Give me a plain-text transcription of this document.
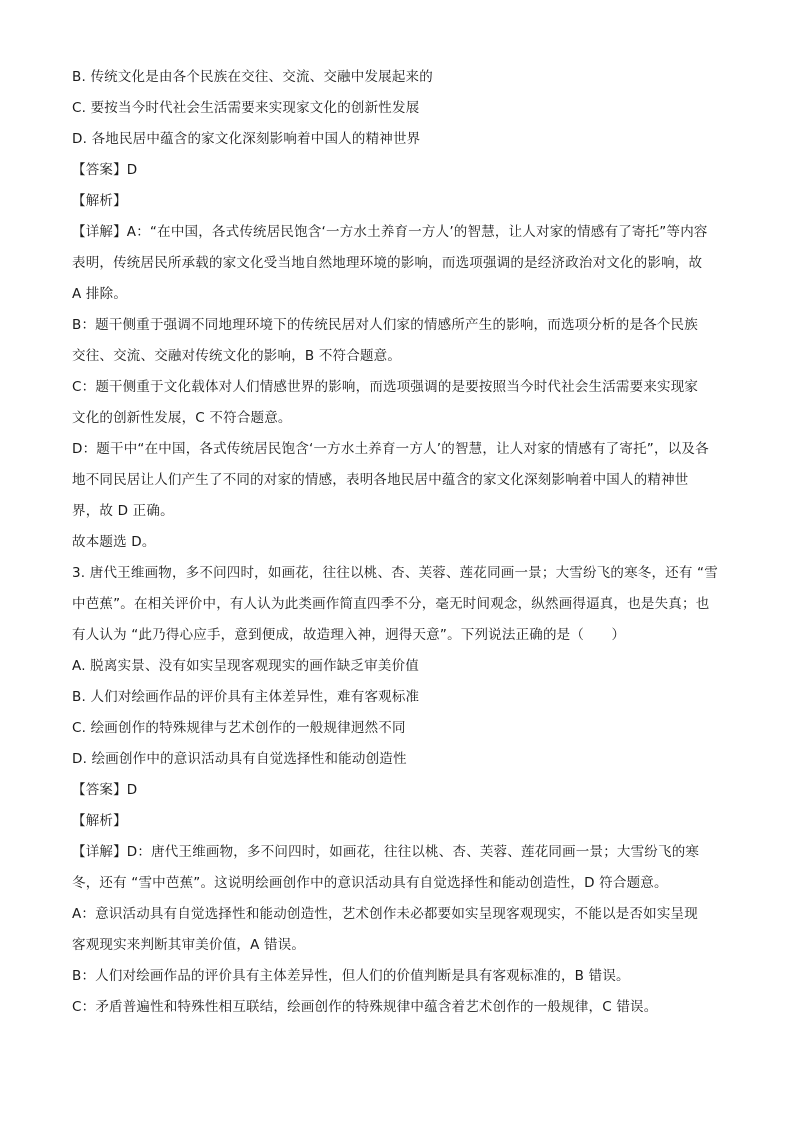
B. 传统文化是由各个民族在交往、交流、交融中发展起来的
C. 要按当今时代社会生活需要来实现家文化的创新性发展
D. 各地民居中蕴含的家文化深刻影响着中国人的精神世界
【答案】D
【解析】
【详解】A：“在中国，各式传统居民饱含‘一方水土养育一方人’的智慧，让人对家的情感有了寄托”等内容
表明，传统居民所承载的家文化受当地自然地理环境的影响，而选项强调的是经济政治对文化的影响，故
A 排除。
B：题干侧重于强调不同地理环境下的传统民居对人们家的情感所产生的影响，而选项分析的是各个民族
交往、交流、交融对传统文化的影响，B 不符合题意。
C：题干侧重于文化载体对人们情感世界的影响，而选项强调的是要按照当今时代社会生活需要来实现家
文化的创新性发展，C 不符合题意。
D：题干中“在中国，各式传统居民饱含‘一方水土养育一方人’的智慧，让人对家的情感有了寄托”，以及各
地不同民居让人们产生了不同的对家的情感，表明各地民居中蕴含的家文化深刻影响着中国人的精神世
界，故 D 正确。
故本题选 D。
3. 唐代王维画物，多不问四时，如画花，往往以桃、杏、芙蓉、莲花同画一景；大雪纷飞的寒冬，还有 “雪
中芭蕉”。在相关评价中，有人认为此类画作简直四季不分，毫无时间观念，纵然画得逼真，也是失真；也
有人认为 “此乃得心应手，意到便成，故造理入神，迥得天意”。下列说法正确的是（　　）
A. 脱离实景、没有如实呈现客观现实的画作缺乏审美价值
B. 人们对绘画作品的评价具有主体差异性，难有客观标准
C. 绘画创作的特殊规律与艺术创作的一般规律迥然不同
D. 绘画创作中的意识活动具有自觉选择性和能动创造性
【答案】D
【解析】
【详解】D：唐代王维画物，多不问四时，如画花，往往以桃、杏、芙蓉、莲花同画一景；大雪纷飞的寒
冬，还有 “雪中芭蕉”。这说明绘画创作中的意识活动具有自觉选择性和能动创造性，D 符合题意。
A：意识活动具有自觉选择性和能动创造性，艺术创作未必都要如实呈现客观现实，不能以是否如实呈现
客观现实来判断其审美价值，A 错误。
B：人们对绘画作品的评价具有主体差异性，但人们的价值判断是具有客观标准的，B 错误。
C：矛盾普遍性和特殊性相互联结，绘画创作的特殊规律中蕴含着艺术创作的一般规律，C 错误。
